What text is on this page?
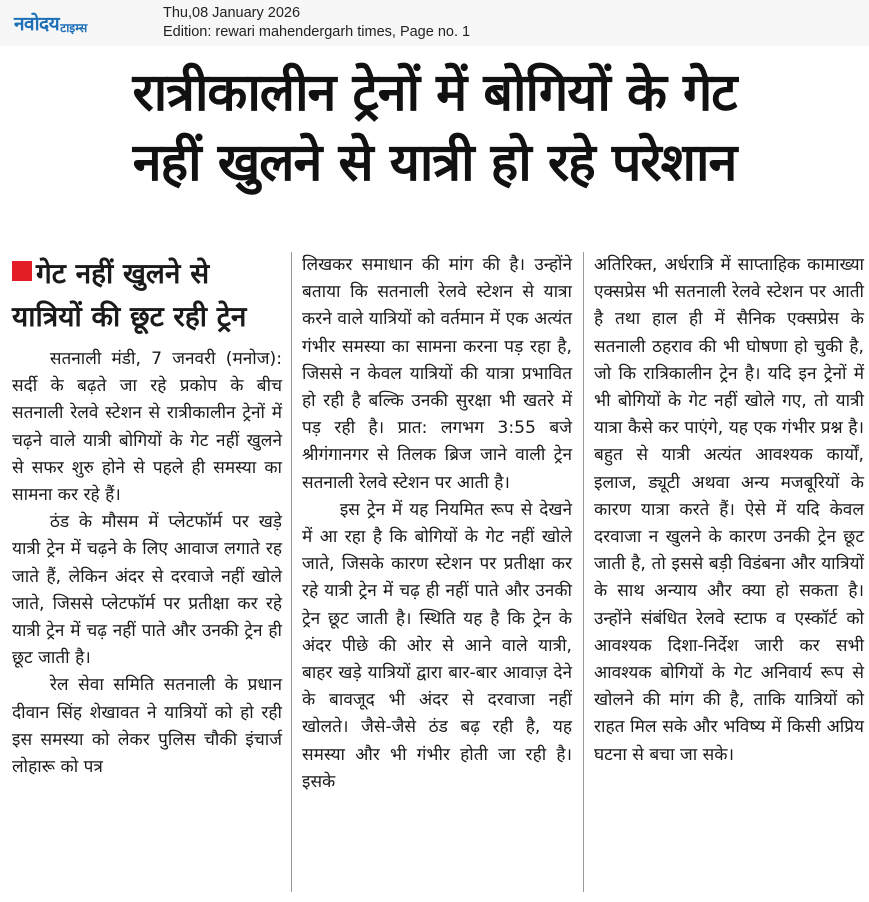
नवोदय टाइम्स
Thu,08 January 2026
Edition: rewari mahendergarh times, Page no. 1
रात्रीकालीन ट्रेनों में बोगियों के गेट
नहीं खुलने से यात्री हो रहे परेशान
गेट नहीं खुलने से यात्रियों की छूट रही ट्रेन

सतनाली मंडी, 7 जनवरी (मनोज): सर्दी के बढ़ते जा रहे प्रकोप के बीच सतनाली रेलवे स्टेशन से रात्रीकालीन ट्रेनों में चढ़ने वाले यात्री बोगियों के गेट नहीं खुलने से सफर शुरु होने से पहले ही समस्या का सामना कर रहे हैं।

ठंड के मौसम में प्लेटफॉर्म पर खड़े यात्री ट्रेन में चढ़ने के लिए आवाज लगाते रह जाते हैं, लेकिन अंदर से दरवाजे नहीं खोले जाते, जिससे प्लेटफॉर्म पर प्रतीक्षा कर रहे यात्री ट्रेन में चढ़ नहीं पाते और उनकी ट्रेन ही छूट जाती है।

रेल सेवा समिति सतनाली के प्रधान दीवान सिंह शेखावत ने यात्रियों को हो रही इस समस्या को लेकर पुलिस चौकी इंचार्ज लोहारू को पत्र

लिखकर समाधान की मांग की है। उन्होंने बताया कि सतनाली रेलवे स्टेशन से यात्रा करने वाले यात्रियों को वर्तमान में एक अत्यंत गंभीर समस्या का सामना करना पड़ रहा है, जिससे न केवल यात्रियों की यात्रा प्रभावित हो रही है बल्कि उनकी सुरक्षा भी खतरे में पड़ रही है। प्रात: लगभग 3:55 बजे श्रीगंगानगर से तिलक ब्रिज जाने वाली ट्रेन सतनाली रेलवे स्टेशन पर आती है।

इस ट्रेन में यह नियमित रूप से देखने में आ रहा है कि बोगियों के गेट नहीं खोले जाते, जिसके कारण स्टेशन पर प्रतीक्षा कर रहे यात्री ट्रेन में चढ़ ही नहीं पाते और उनकी ट्रेन छूट जाती है। स्थिति यह है कि ट्रेन के अंदर पीछे की ओर से आने वाले यात्री, बाहर खड़े यात्रियों द्वारा बार-बार आवाज़ देने के बावजूद भी अंदर से दरवाजा नहीं खोलते। जैसे-जैसे ठंड बढ़ रही है, यह समस्या और भी गंभीर होती जा रही है। इसके

अतिरिक्त, अर्धरात्रि में साप्ताहिक कामाख्या एक्सप्रेस भी सतनाली रेलवे स्टेशन पर आती है तथा हाल ही में सैनिक एक्सप्रेस के सतनाली ठहराव की भी घोषणा हो चुकी है, जो कि रात्रिकालीन ट्रेन है। यदि इन ट्रेनों में भी बोगियों के गेट नहीं खोले गए, तो यात्री यात्रा कैसे कर पाएंगे, यह एक गंभीर प्रश्न है। बहुत से यात्री अत्यंत आवश्यक कार्यों, इलाज, ड्यूटी अथवा अन्य मजबूरियों के कारण यात्रा करते हैं। ऐसे में यदि केवल दरवाजा न खुलने के कारण उनकी ट्रेन छूट जाती है, तो इससे बड़ी विडंबना और यात्रियों के साथ अन्याय और क्या हो सकता है। उन्होंने संबंधित रेलवे स्टाफ व एस्कॉर्ट को आवश्यक दिशा-निर्देश जारी कर सभी आवश्यक बोगियों के गेट अनिवार्य रूप से खोलने की मांग की है, ताकि यात्रियों को राहत मिल सके और भविष्य में किसी अप्रिय घटना से बचा जा सके।
